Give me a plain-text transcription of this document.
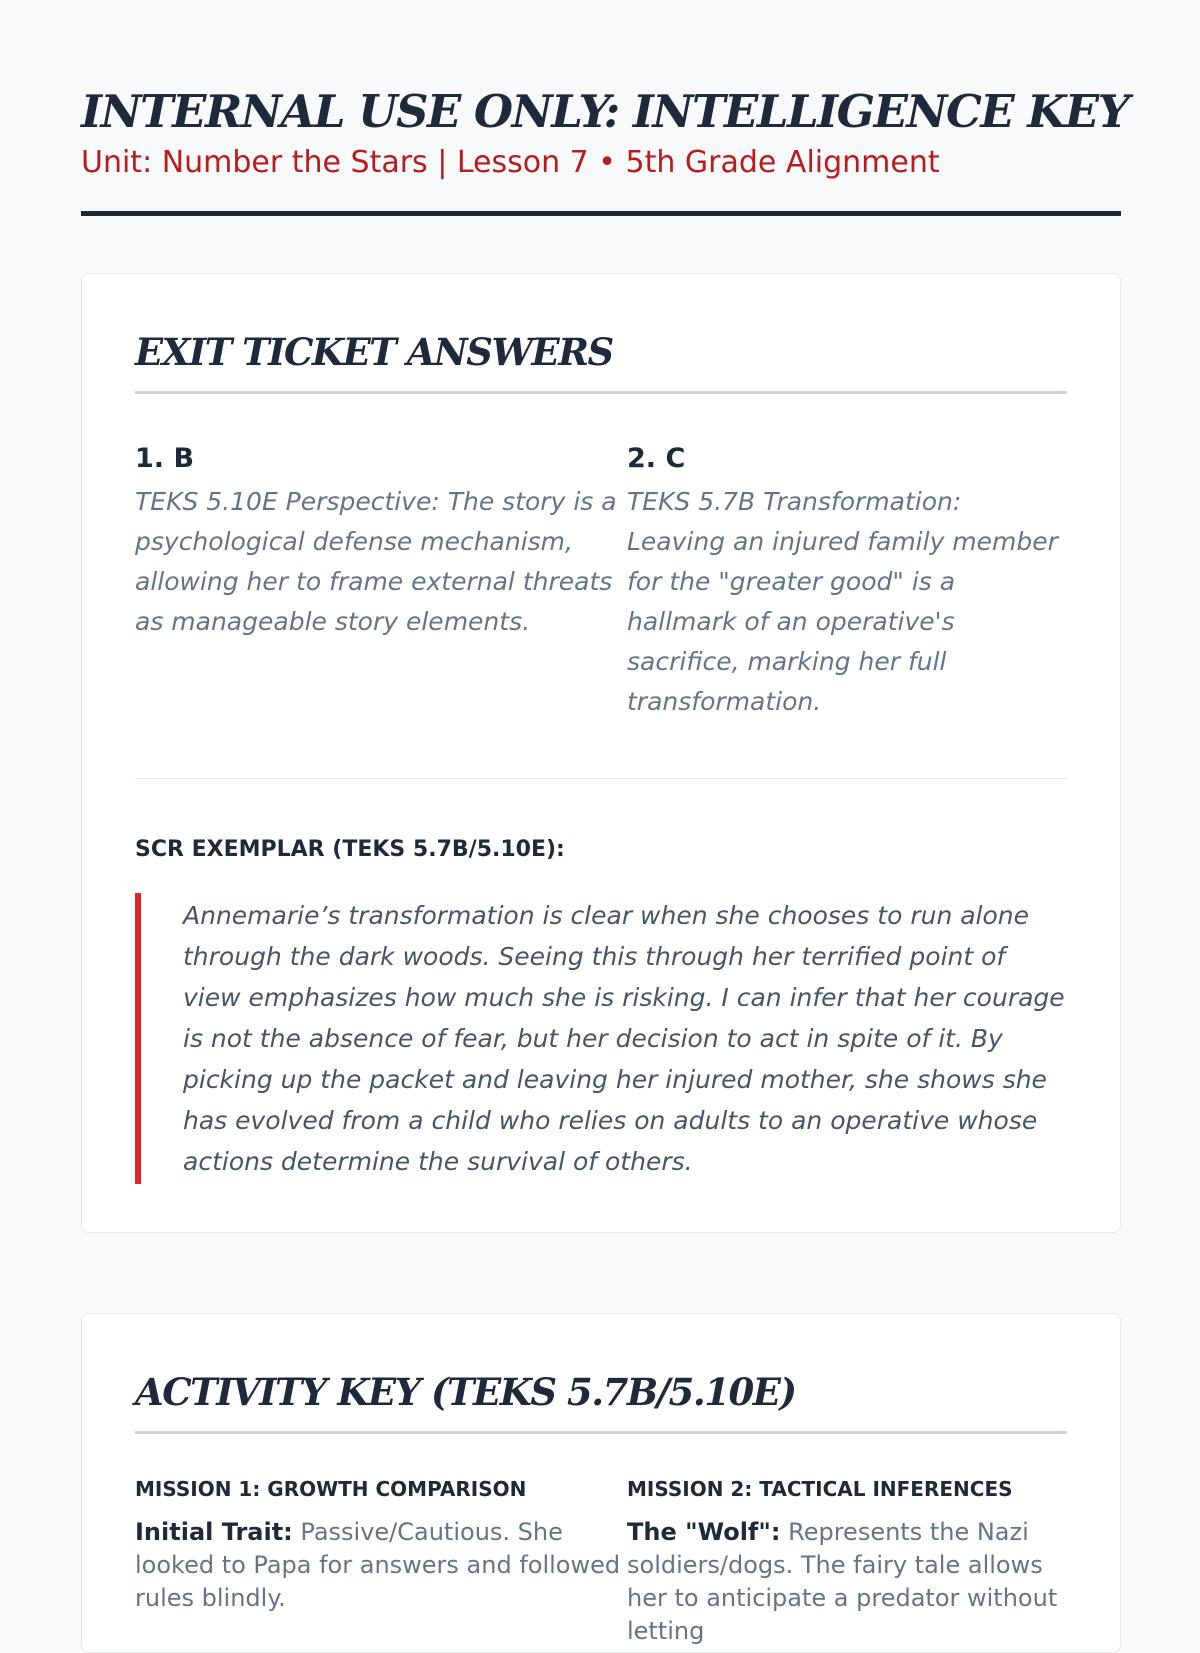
INTERNAL USE ONLY: INTELLIGENCE KEY
Unit: Number the Stars | Lesson 7 • 5th Grade Alignment
EXIT TICKET ANSWERS
1. B
TEKS 5.10E Perspective: The story is a psychological defense mechanism, allowing her to frame external threats as manageable story elements.
2. C
TEKS 5.7B Transformation: Leaving an injured family member for the "greater good" is a hallmark of an operative's sacrifice, marking her full transformation.
SCR EXEMPLAR (TEKS 5.7B/5.10E):
Annemarie’s transformation is clear when she chooses to run alone through the dark woods. Seeing this through her terrified point of view emphasizes how much she is risking. I can infer that her courage is not the absence of fear, but her decision to act in spite of it. By picking up the packet and leaving her injured mother, she shows she has evolved from a child who relies on adults to an operative whose actions determine the survival of others.
ACTIVITY KEY (TEKS 5.7B/5.10E)
MISSION 1: GROWTH COMPARISON
Initial Trait: Passive/Cautious. She looked to Papa for answers and followed rules blindly.
MISSION 2: TACTICAL INFERENCES
The "Wolf": Represents the Nazi soldiers/dogs. The fairy tale allows her to anticipate a predator without letting
